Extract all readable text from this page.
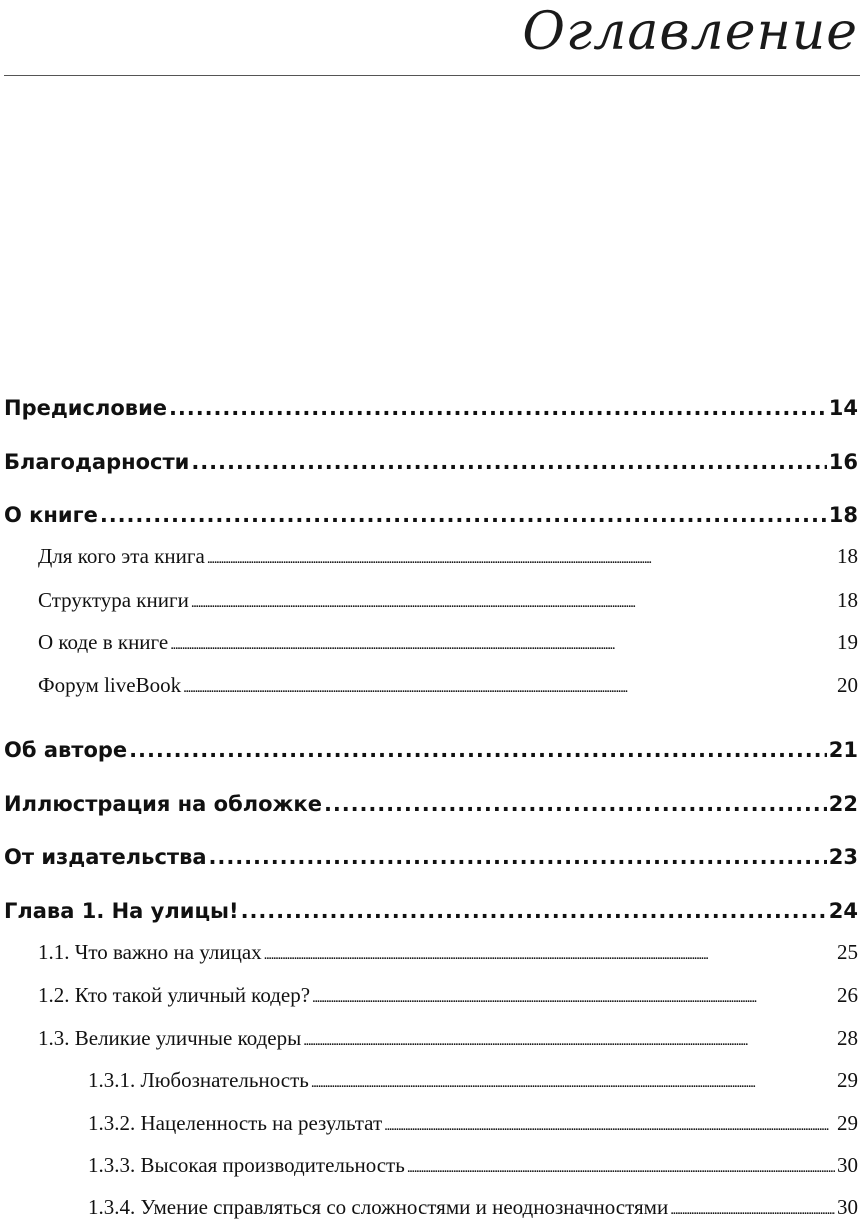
Оглавление
Предисловие . . .	14
Благодарности . . .	16
О книге . . .	18
Для кого эта книга . . .	18
Структура книги . . .	18
О коде в книге . . .	19
Форум liveBook . . .	20
Об авторе . . .	21
Иллюстрация на обложке . . .	22
От издательства . . .	23
Глава 1. На улицы! . . .	24
1.1. Что важно на улицах . . .	25
1.2. Кто такой уличный кодер? . . .	26
1.3. Великие уличные кодеры . . .	28
1.3.1. Любознательность . . .	29
1.3.2. Нацеленность на результат . . .	29
1.3.3. Высокая производительность . . .	30
1.3.4. Умение справляться со сложностями и неоднозначностями . . .	30
